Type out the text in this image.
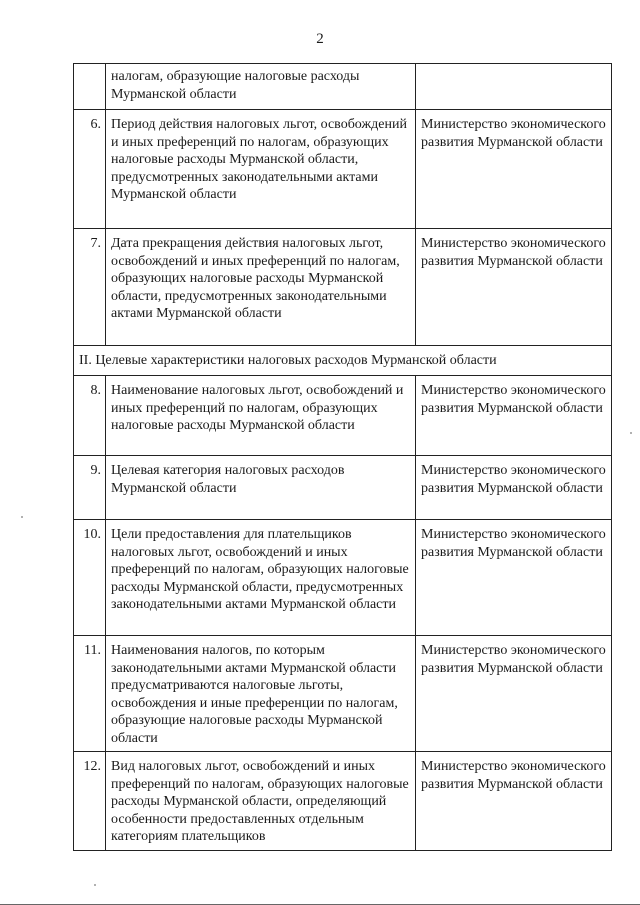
2
	налогам, образующие налоговые расходы Мурманской области	
6.	Период действия налоговых льгот, освобождений и иных преференций по налогам, образующих налоговые расходы Мурманской области, предусмотренных законодательными актами Мурманской области	Министерство экономического развития Мурманской области
7.	Дата прекращения действия налоговых льгот, освобождений и иных преференций по налогам, образующих налоговые расходы Мурманской области, предусмотренных законодательными актами Мурманской области	Министерство экономического развития Мурманской области
II. Целевые характеристики налоговых расходов Мурманской области		
8.	Наименование налоговых льгот, освобождений и иных преференций по налогам, образующих налоговые расходы Мурманской области	Министерство экономического развития Мурманской области
9.	Целевая категория налоговых расходов Мурманской области	Министерство экономического развития Мурманской области
10.	Цели предоставления для плательщиков налоговых льгот, освобождений и иных преференций по налогам, образующих налоговые расходы Мурманской области, предусмотренных законодательными актами Мурманской области	Министерство экономического развития Мурманской области
11.	Наименования налогов, по которым законодательными актами Мурманской области предусматриваются налоговые льготы, освобождения и иные преференции по налогам, образующие налоговые расходы Мурманской области	Министерство экономического развития Мурманской области
12.	Вид налоговых льгот, освобождений и иных преференций по налогам, образующих налоговые расходы Мурманской области, определяющий особенности предоставленных отдельным категориям плательщиков	Министерство экономического развития Мурманской области
